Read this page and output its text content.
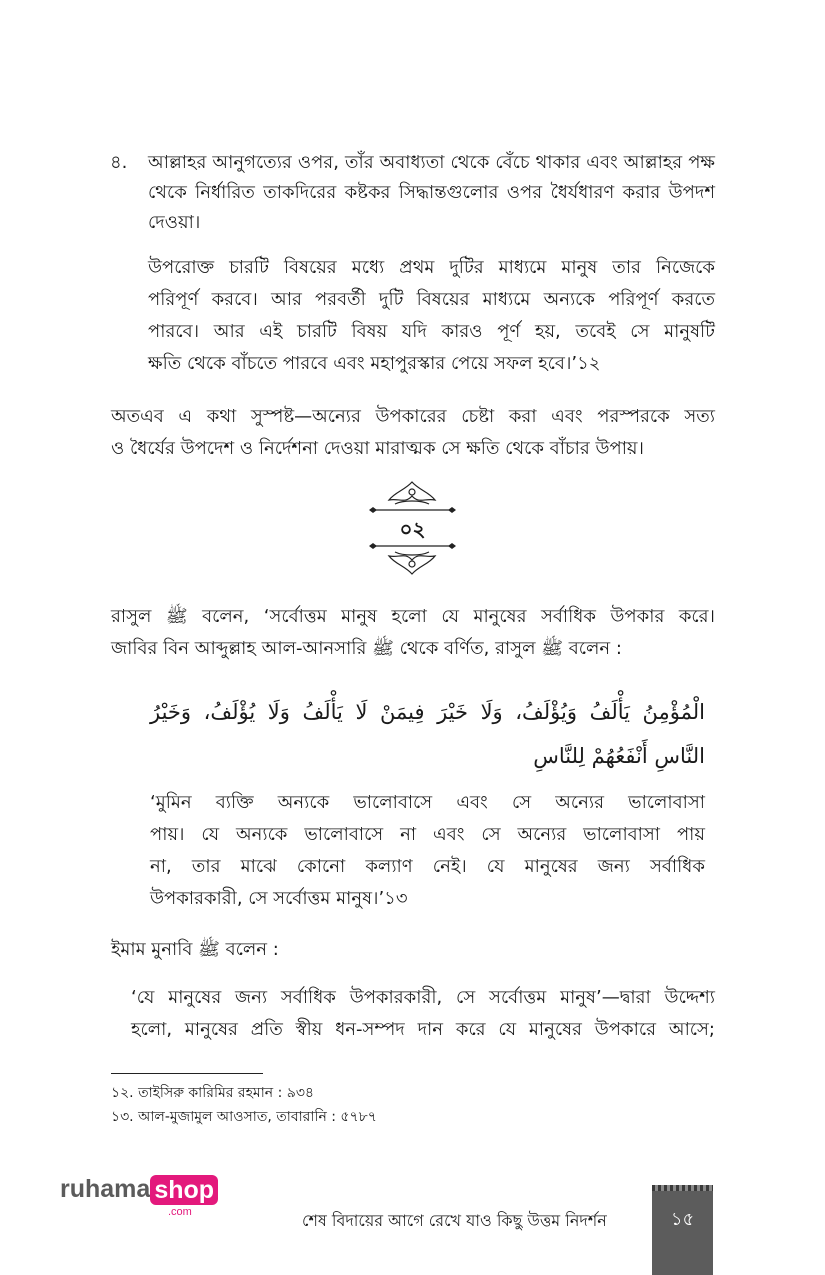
৪. আল্লাহর আনুগত্যের ওপর, তাঁর অবাধ্যতা থেকে বেঁচে থাকার এবং আল্লাহর পক্ষ থেকে নির্ধারিত তাকদিরের কষ্টকর সিদ্ধান্তগুলোর ওপর ধৈর্যধারণ করার উপদশ দেওয়া।

উপরোক্ত চারটি বিষয়ের মধ্যে প্রথম দুটির মাধ্যমে মানুষ তার নিজেকে

পরিপূর্ণ করবে। আর পরবর্তী দুটি বিষয়ের মাধ্যমে অন্যকে পরিপূর্ণ করতে

পারবে। আর এই চারটি বিষয় যদি কারও পূর্ণ হয়, তবেই সে মানুষটি

ক্ষতি থেকে বাঁচতে পারবে এবং মহাপুরস্কার পেয়ে সফল হবে।’১২

অতএব এ কথা সুস্পষ্ট—অন্যের উপকারের চেষ্টা করা এবং পরস্পরকে সত্য

ও ধৈর্যের উপদেশ ও নির্দেশনা দেওয়া মারাত্মক সে ক্ষতি থেকে বাঁচার উপায়।

০২

রাসুল ﷺ বলেন, ‘সর্বোত্তম মানুষ হলো যে মানুষের সর্বাধিক উপকার করে।

জাবির বিন আব্দুল্লাহ আল-আনসারি ﷺ থেকে বর্ণিত, রাসুল ﷺ বলেন :

الْمُؤْمِنُ يَأْلَفُ وَيُؤْلَفُ، وَلَا خَيْرَ فِيمَنْ لَا يَأْلَفُ وَلَا يُؤْلَفُ، وَخَيْرُ
النَّاسِ أَنْفَعُهُمْ لِلنَّاسِ

‘মুমিন ব্যক্তি অন্যকে ভালোবাসে এবং সে অন্যের ভালোবাসা

পায়। যে অন্যকে ভালোবাসে না এবং সে অন্যের ভালোবাসা পায়

না, তার মাঝে কোনো কল্যাণ নেই। যে মানুষের জন্য সর্বাধিক

উপকারকারী, সে সর্বোত্তম মানুষ।’১৩

ইমাম মুনাবি ﷺ বলেন :

‘যে মানুষের জন্য সর্বাধিক উপকারকারী, সে সর্বোত্তম মানুষ’—দ্বারা উদ্দেশ্য

হলো, মানুষের প্রতি স্বীয় ধন-সম্পদ দান করে যে মানুষের উপকারে আসে;

১২. তাইসিরু কারিমির রহমান : ৯৩৪
১৩. আল-মুজামুল আওসাত, তাবারানি : ৫৭৮৭
ruhama shop
.com	শেষ বিদায়ের আগে রেখে যাও কিছু উত্তম নিদর্শন	১৫
